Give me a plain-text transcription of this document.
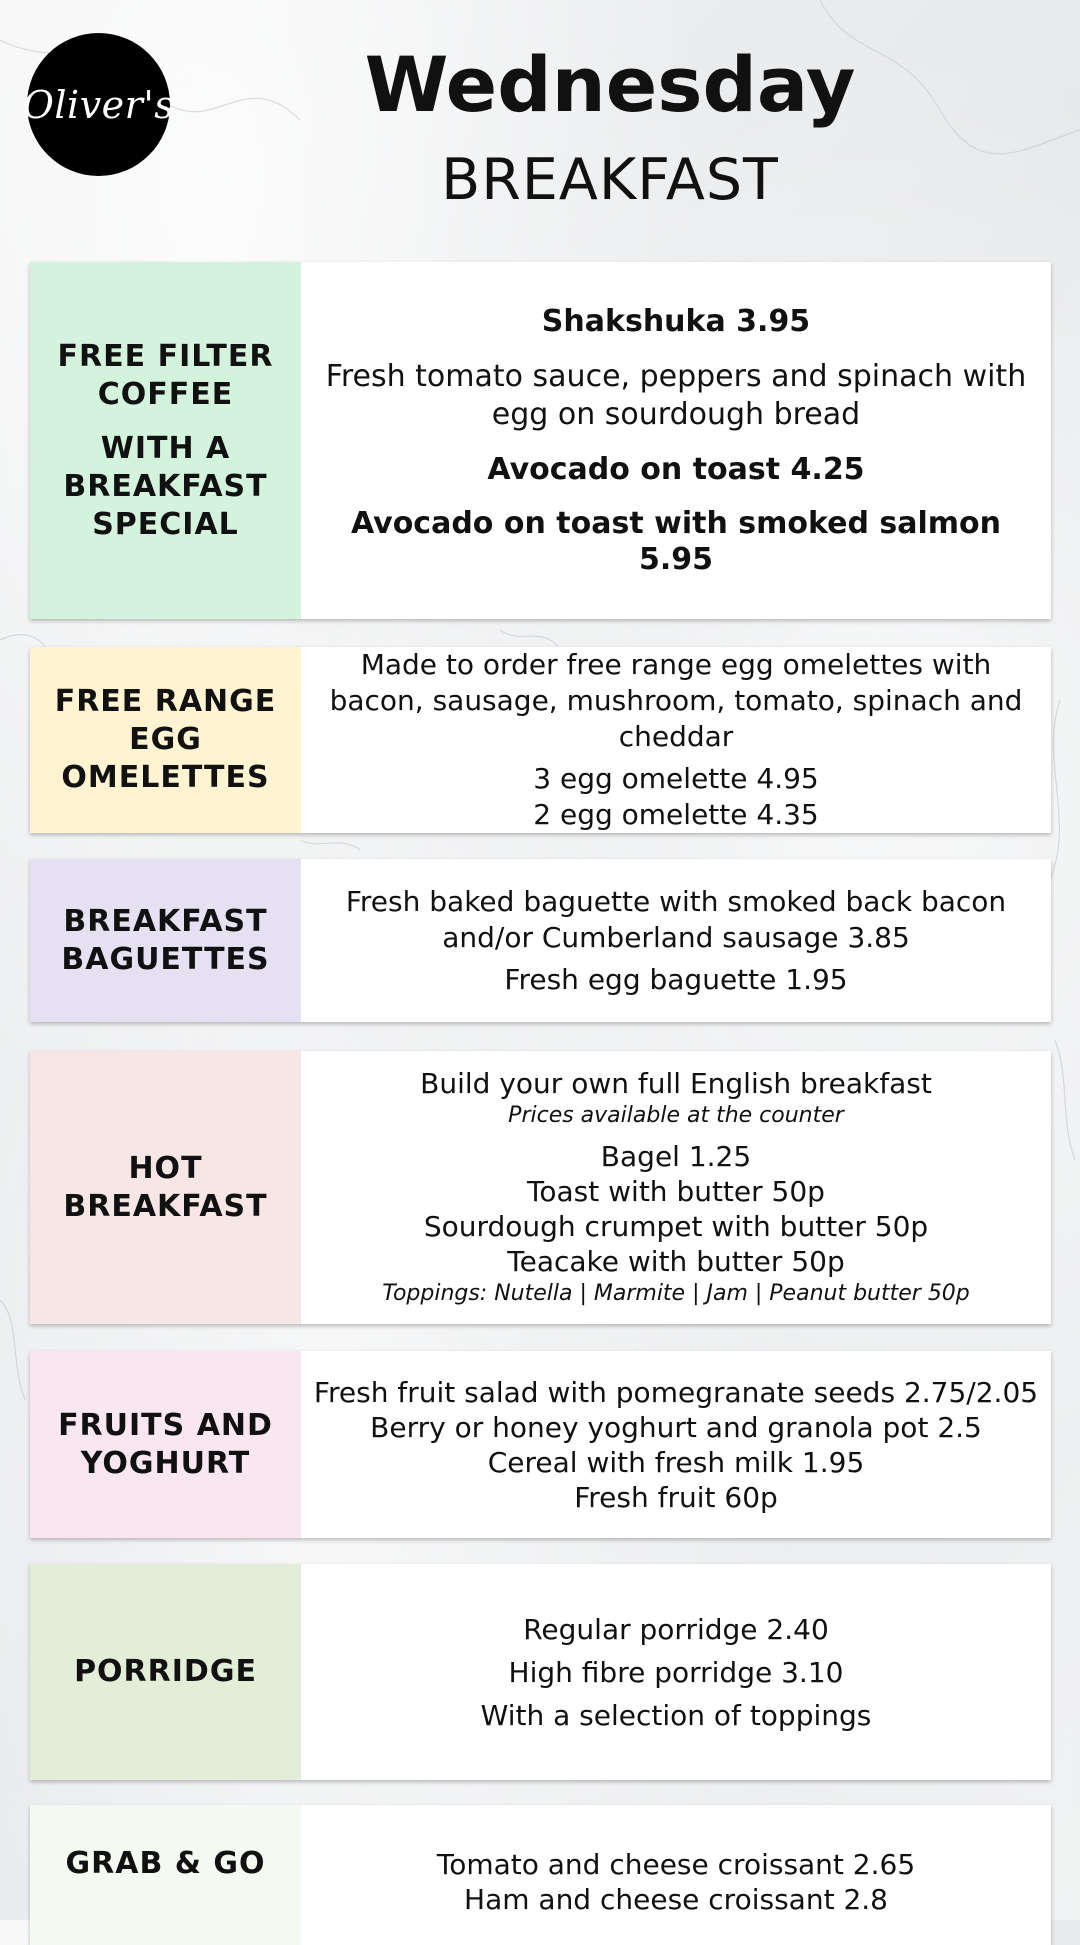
Oliver's	Wednesday
BREAKFAST
FREE FILTER
COFFEE
WITH A
BREAKFAST
SPECIAL
Shakshuka 3.95
Fresh tomato sauce, peppers and spinach with egg on sourdough bread
Avocado on toast 4.25
Avocado on toast with smoked salmon 5.95
FREE RANGE
EGG
OMELETTES
Made to order free range egg omelettes with bacon, sausage, mushroom, tomato, spinach and cheddar
3 egg omelette 4.95
2 egg omelette 4.35
BREAKFAST
BAGUETTES
Fresh baked baguette with smoked back bacon and/or Cumberland sausage 3.85
Fresh egg baguette 1.95
HOT
BREAKFAST
Build your own full English breakfast
Prices available at the counter
Bagel 1.25
Toast with butter 50p
Sourdough crumpet with butter 50p
Teacake with butter 50p
Toppings: Nutella | Marmite | Jam | Peanut butter 50p
FRUITS AND
YOGHURT
Fresh fruit salad with pomegranate seeds 2.75/2.05
Berry or honey yoghurt and granola pot 2.5
Cereal with fresh milk 1.95
Fresh fruit 60p
PORRIDGE
Regular porridge 2.40
High fibre porridge 3.10
With a selection of toppings
GRAB & GO	Tomato and cheese croissant 2.65
Ham and cheese croissant 2.8
